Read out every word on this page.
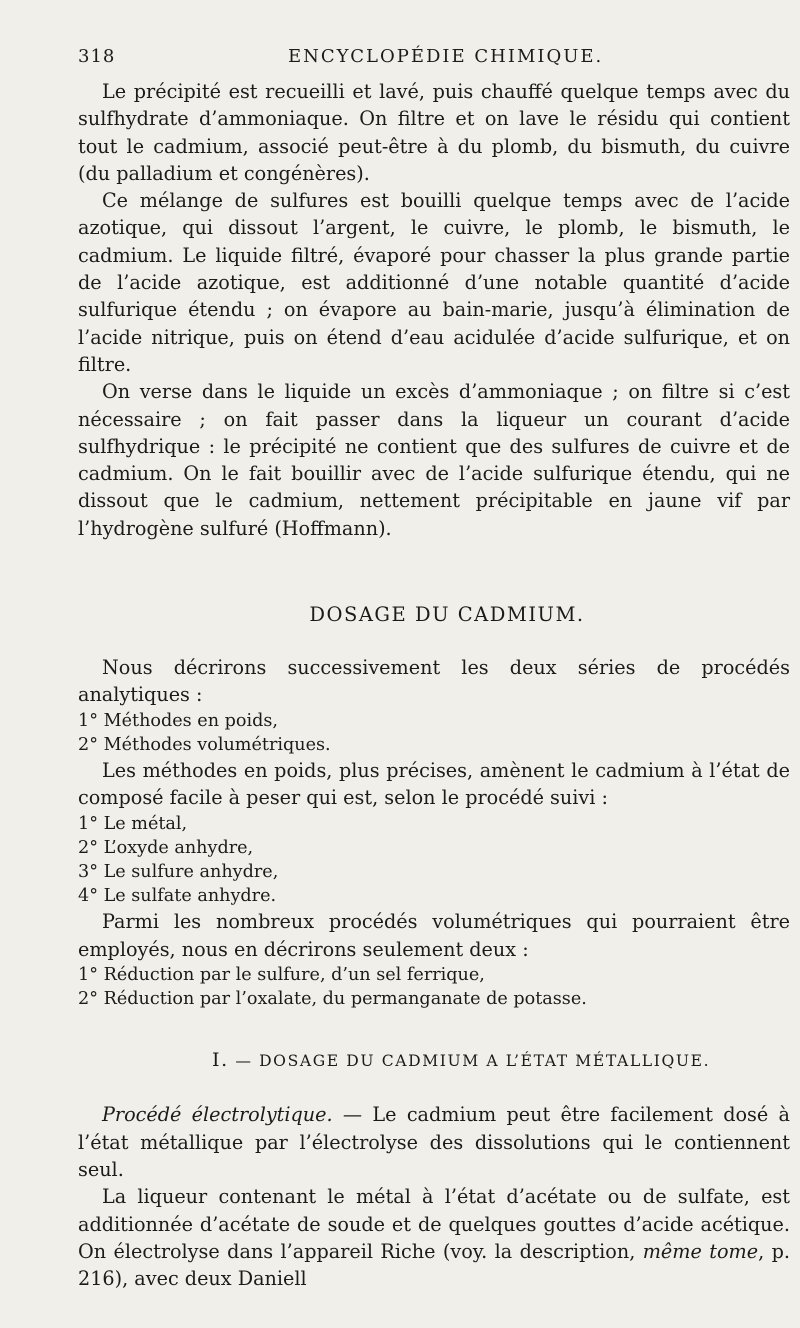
318	ENCYCLOPÉDIE CHIMIQUE.

Le précipité est recueilli et lavé, puis chauffé quelque temps avec du sulfhydrate d’ammoniaque. On filtre et on lave le résidu qui contient tout le cadmium, associé peut-être à du plomb, du bismuth, du cuivre (du palladium et congénères).

Ce mélange de sulfures est bouilli quelque temps avec de l’acide azotique, qui dissout l’argent, le cuivre, le plomb, le bismuth, le cadmium. Le liquide filtré, évaporé pour chasser la plus grande partie de l’acide azotique, est additionné d’une notable quantité d’acide sulfurique étendu ; on évapore au bain-marie, jusqu’à élimination de l’acide nitrique, puis on étend d’eau acidulée d’acide sulfurique, et on filtre.

On verse dans le liquide un excès d’ammoniaque ; on filtre si c’est nécessaire ; on fait passer dans la liqueur un courant d’acide sulfhydrique : le précipité ne contient que des sulfures de cuivre et de cadmium. On le fait bouillir avec de l’acide sulfurique étendu, qui ne dissout que le cadmium, nettement précipitable en jaune vif par l’hydrogène sulfuré (Hoffmann).

DOSAGE DU CADMIUM.

Nous décrirons successivement les deux séries de procédés analytiques :

1° Méthodes en poids,
2° Méthodes volumétriques.

Les méthodes en poids, plus précises, amènent le cadmium à l’état de composé facile à peser qui est, selon le procédé suivi :

1° Le métal,
2° L’oxyde anhydre,
3° Le sulfure anhydre,
4° Le sulfate anhydre.

Parmi les nombreux procédés volumétriques qui pourraient être employés, nous en décrirons seulement deux :

1° Réduction par le sulfure, d’un sel ferrique,
2° Réduction par l’oxalate, du permanganate de potasse.
I. — DOSAGE DU CADMIUM A L’ÉTAT MÉTALLIQUE.

Procédé électrolytique. — Le cadmium peut être facilement dosé à l’état métallique par l’électrolyse des dissolutions qui le contiennent seul.

La liqueur contenant le métal à l’état d’acétate ou de sulfate, est additionnée d’acétate de soude et de quelques gouttes d’acide acétique. On électrolyse dans l’appareil Riche (voy. la description, même tome, p. 216), avec deux Daniell
